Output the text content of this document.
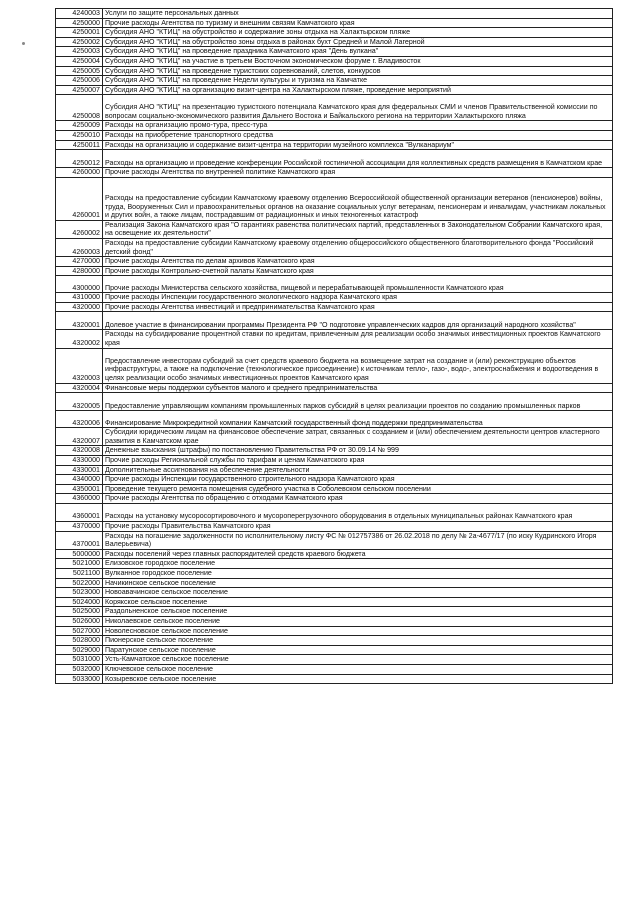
4240003	Услуги по защите персональных данных
4250000	Прочие расходы Агентства по туризму и внешним связям Камчатского края
4250001	Субсидия АНО "КТИЦ" на обустройство и содержание зоны отдыха на Халактырском пляже
4250002	Субсидия АНО "КТИЦ" на обустройство зоны отдыха в районах бухт Средней и Малой Лагерной
4250003	Субсидия АНО "КТИЦ" на проведение праздника Камчатского края "День вулкана"
4250004	Субсидия АНО "КТИЦ" на участие в третьем Восточном экономическом форуме г. Владивосток
4250005	Субсидия АНО "КТИЦ" на проведение туристских соревнований, слетов, конкурсов
4250006	Субсидия АНО "КТИЦ" на проведение Недели культуры и туризма на Камчатке
4250007	Субсидия АНО "КТИЦ" на организацию визит-центра на Халактырском пляже, проведение мероприятий
4250008	Субсидия АНО "КТИЦ" на презентацию туристского потенциала Камчатского края для федеральных СМИ и членов Правительственной комиссии по вопросам социально-экономического развития Дальнего Востока и Байкальского региона на территории Халактырского пляжа
4250009	Расходы на организацию промо-тура, пресс-тура
4250010	Расходы на приобретение транспортного средства
4250011	Расходы на организацию и содержание визит-центра на территории музейного комплекса "Вулканариум"
4250012	Расходы на организацию и проведение конференции Российской гостиничной ассоциации для коллективных средств размещения в Камчатском крае
4260000	Прочие расходы Агентства по внутренней политике Камчатского края
4260001	Расходы на предоставление субсидии Камчатскому краевому отделению Всероссийской общественной организации ветеранов (пенсионеров) войны, труда, Вооруженных Сил и правоохранительных органов на оказание социальных услуг ветеранам, пенсионерам и инвалидам, участникам локальных и других войн, а также лицам, пострадавшим от радиационных и иных техногенных катастроф
4260002	Реализация Закона Камчатского края "О гарантиях равенства политических партий, представленных в Законодательном Собрании Камчатского края, на освещение их деятельности"
4260003	Расходы на предоставление субсидии Камчатскому краевому отделению общероссийского общественного благотворительного фонда "Российский детский фонд"
4270000	Прочие расходы Агентства по делам архивов Камчатского края
4280000	Прочие расходы Контрольно-счетной палаты Камчатского края
4300000	Прочие расходы Министерства сельского хозяйства, пищевой и перерабатывающей промышленности Камчатского края
4310000	Прочие расходы Инспекции государственного экологического надзора Камчатского края
4320000	Прочие расходы Агентства инвестиций и предпринимательства Камчатского края
4320001	Долевое участие в финансировании программы Президента РФ "О подготовке управленческих кадров для организаций народного хозяйства"
4320002	Расходы на субсидирование процентной ставки по кредитам, привлеченным для реализации особо значимых инвестиционных проектов Камчатского края
4320003	Предоставление инвесторам субсидий за счет средств краевого бюджета на возмещение затрат на создание и (или) реконструкцию объектов инфраструктуры, а также на подключение (технологическое присоединение) к источникам тепло-, газо-, водо-, электроснабжения и водоотведения в целях реализации особо значимых инвестиционных проектов Камчатского края
4320004	Финансовые меры поддержки субъектов малого и среднего предпринимательства
4320005	Предоставление управляющим компаниям промышленных парков субсидий в целях реализации проектов по созданию промышленных парков
4320006	Финансирование Микрокредитной компании Камчатский государственный фонд поддержки предпринимательства
4320007	Субсидии юридическим лицам на финансовое обеспечение затрат, связанных с созданием и (или) обеспечением деятельности центров кластерного развития в Камчатском крае
4320008	Денежные взыскания (штрафы) по постановлению Правительства РФ от 30.09.14 № 999
4330000	Прочие расходы Региональной службы по тарифам и ценам Камчатского края
4330001	Дополнительные ассигнования на обеспечение деятельности
4340000	Прочие расходы Инспекции государственного строительного надзора Камчатского края
4350001	Проведение текущего ремонта помещения судебного участка в Соболевском сельском поселении
4360000	Прочие расходы Агентства по обращению с отходами Камчатского края
4360001	Расходы на установку мусоросортировочного и мусороперегрузочного оборудования в отдельных муниципальных районах Камчатского края
4370000	Прочие расходы Правительства Камчатского края
4370001	Расходы на погашение задолженности по исполнительному листу ФС № 012757386 от 26.02.2018 по делу № 2а-4677/17 (по иску Кудринского Игоря Валерьевича)
5000000	Расходы поселений через главных распорядителей средств краевого бюджета
5021000	Елизовское городское поселение
5021100	Вулканное городское поселение
5022000	Начикинское сельское поселение
5023000	Новоавачинское сельское поселение
5024000	Корякское сельское поселение
5025000	Раздольненское сельское поселение
5026000	Николаевское сельское поселение
5027000	Новолесновское сельское поселение
5028000	Пионерское сельское поселение
5029000	Паратунское сельское поселение
5031000	Усть-Камчатское сельское поселение
5032000	Ключевское сельское поселение
5033000	Козыревское сельское поселение
